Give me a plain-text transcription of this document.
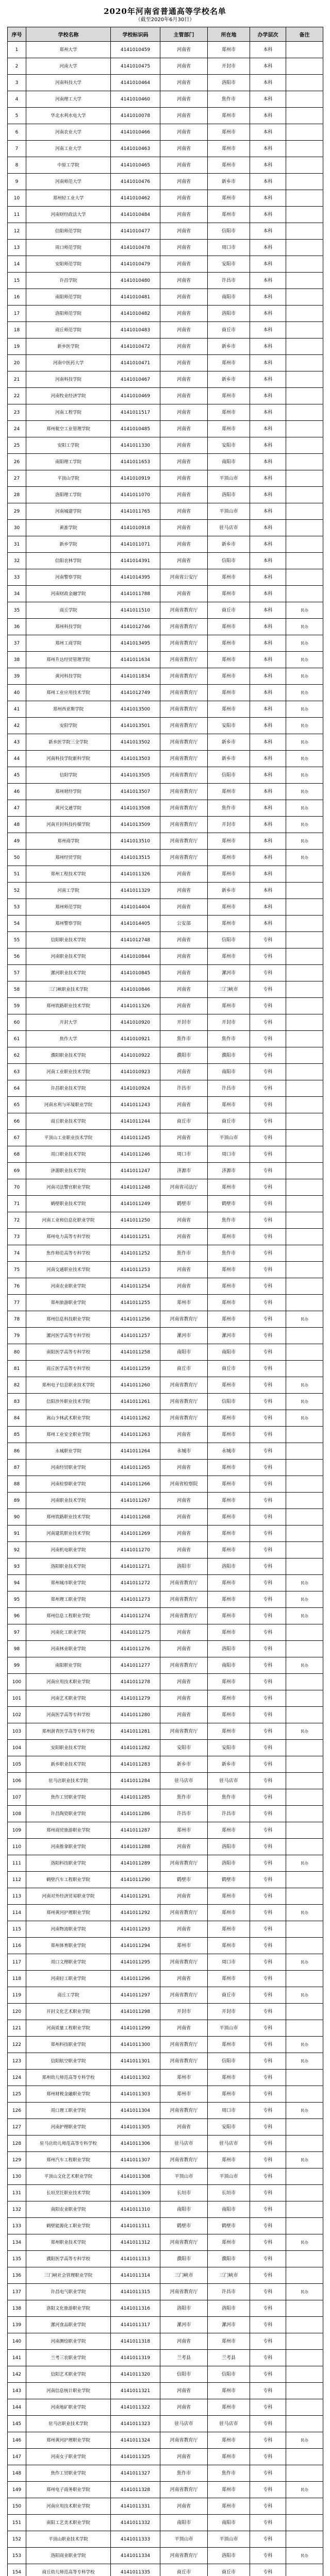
2020年河南省普通高等学校名单
（截至2020年6月30日）
序号	学校名称	学校标识码	主管部门	所在地	办学层次	备注
1	郑州大学	4141010459	河南省	郑州市	本科	
2	河南大学	4141010475	河南省	开封市	本科	
3	河南科技大学	4141010464	河南省	洛阳市	本科	
4	河南理工大学	4141010460	河南省	焦作市	本科	
5	华北水利水电大学	4141010078	河南省	郑州市	本科	
6	河南农业大学	4141010466	河南省	郑州市	本科	
7	河南工业大学	4141010463	河南省	郑州市	本科	
8	中原工学院	4141010465	河南省	郑州市	本科	
9	河南师范大学	4141010476	河南省	新乡市	本科	
10	郑州轻工业大学	4141010462	河南省	郑州市	本科	
11	河南财经政法大学	4141010484	河南省	郑州市	本科	
12	信阳师范学院	4141010477	河南省	信阳市	本科	
13	周口师范学院	4141010478	河南省	周口市	本科	
14	安阳师范学院	4141010479	河南省	安阳市	本科	
15	许昌学院	4141010480	河南省	许昌市	本科	
16	南阳师范学院	4141010481	河南省	南阳市	本科	
17	洛阳师范学院	4141010482	河南省	洛阳市	本科	
18	商丘师范学院	4141010483	河南省	商丘市	本科	
19	新乡医学院	4141010472	河南省	新乡市	本科	
20	河南中医药大学	4141010471	河南省	郑州市	本科	
21	河南科技学院	4141010467	河南省	新乡市	本科	
22	河南牧业经济学院	4141010469	河南省	郑州市	本科	
23	河南工程学院	4141011517	河南省	郑州市	本科	
24	郑州航空工业管理学院	4141010485	河南省	郑州市	本科	
25	安阳工学院	4141011330	河南省	安阳市	本科	
26	南阳理工学院	4141011653	河南省	南阳市	本科	
27	平顶山学院	4141010919	河南省	平顶山市	本科	
28	洛阳理工学院	4141011070	河南省	洛阳市	本科	
29	河南城建学院	4141011765	河南省	平顶山市	本科	
30	黄淮学院	4141010918	河南省	驻马店市	本科	
31	新乡学院	4141011071	河南省	新乡市	本科	
32	信阳农林学院	4141014391	河南省	信阳市	本科	
33	河南警察学院	4141014395	河南省公安厅	郑州市	本科	
34	河南财政金融学院	4141011788	河南省	郑州市	本科	
35	商丘学院	4141011510	河南省教育厅	商丘市	本科	民办
36	郑州科技学院	4141012746	河南省教育厅	郑州市	本科	民办
37	郑州工商学院	4141013495	河南省教育厅	郑州市	本科	民办
38	郑州升达经贸管理学院	4141011634	河南省教育厅	郑州市	本科	民办
39	黄河科技学院	4141011834	河南省教育厅	郑州市	本科	民办
40	郑州工业应用技术学院	4141012749	河南省教育厅	郑州市	本科	民办
41	郑州西亚斯学院	4141013500	河南省教育厅	郑州市	本科	民办
42	安阳学院	4141013501	河南省教育厅	安阳市	本科	民办
43	新乡医学院三全学院	4141013502	河南省教育厅	新乡市	本科	民办
44	河南科技学院新科学院	4141013503	河南省教育厅	新乡市	本科	民办
45	信阳学院	4141013505	河南省教育厅	信阳市	本科	民办
46	郑州财经学院	4141013507	河南省教育厅	郑州市	本科	民办
47	黄河交通学院	4141013508	河南省教育厅	焦作市	本科	民办
48	河南开封科技传媒学院	4141013509	河南省教育厅	开封市	本科	民办
49	郑州商学院	4141013510	河南省教育厅	郑州市	本科	民办
50	郑州经贸学院	4141013515	河南省教育厅	郑州市	本科	民办
51	郑州工程技术学院	4141011326	河南省	郑州市	本科	
52	河南工学院	4141011329	河南省	新乡市	本科	
53	郑州师范学院	4141014404	河南省	郑州市	本科	
54	郑州警察学院	4141014405	公安部	郑州市	本科	
55	信阳职业技术学院	4141012748	河南省	信阳市	专科	
56	河南职业技术学院	4141010844	河南省	郑州市	专科	
57	漯河职业技术学院	4141010845	河南省	漯河市	专科	
58	三门峡职业技术学院	4141010846	河南省	三门峡市	专科	
59	郑州铁路职业技术学院	4141011326	河南省	郑州市	专科	
60	开封大学	4141010920	开封市	开封市	专科	
61	焦作大学	4141010921	焦作市	焦作市	专科	
62	濮阳职业技术学院	4141010922	濮阳市	濮阳市	专科	
63	河南工业职业技术学院	4141010923	河南省	南阳市	专科	
64	许昌职业技术学院	4141010924	许昌市	许昌市	专科	
65	河南水利与环境职业学院	4141011243	河南省	郑州市	专科	
66	商丘职业技术学院	4141011244	商丘市	商丘市	专科	
67	平顶山工业职业技术学院	4141011245	河南省	平顶山市	专科	
68	周口职业技术学院	4141011246	周口市	周口市	专科	
69	济源职业技术学院	4141011247	济源市	济源市	专科	
70	河南司法警官职业学院	4141011248	河南省司法厅	郑州市	专科	
71	鹤壁职业技术学院	4141011249	鹤壁市	鹤壁市	专科	
72	河南工业和信息化职业学院	4141011250	河南省	焦作市	专科	
73	郑州电力高等专科学校	4141011251	河南省	郑州市	专科	
74	焦作师范高等专科学校	4141011252	焦作市	焦作市	专科	
75	河南交通职业技术学院	4141011253	河南省	郑州市	专科	
76	河南农业职业学院	4141011254	河南省	郑州市	专科	
77	郑州旅游职业学院	4141011255	郑州市	郑州市	专科	
78	郑州信息科技职业学院	4141011256	河南省教育厅	郑州市	专科	民办
79	漯河医学高等专科学校	4141011257	漯河市	漯河市	专科	
80	南阳医学高等专科学校	4141011258	南阳市	南阳市	专科	
81	商丘医学高等专科学校	4141011259	商丘市	商丘市	专科	
82	郑州电子信息职业技术学院	4141011260	河南省教育厅	郑州市	专科	民办
83	信阳涉外职业技术学院	4141011261	河南省教育厅	信阳市	专科	民办
84	嵩山少林武术职业学院	4141011262	河南省教育厅	郑州市	专科	民办
85	郑州工业安全职业学院	4141011263	河南省	郑州市	专科	
86	永城职业学院	4141011264	永城市	永城市	专科	
87	河南经贸职业学院	4141011265	河南省	郑州市	专科	
88	河南检察职业学院	4141011266	河南省检察院	郑州市	专科	
89	河南职业技术学院	4141011267	河南省	郑州市	专科	
90	郑州铁路职业技术学院	4141011268	河南省	郑州市	专科	
91	河南建筑职业技术学院	4141011269	河南省	郑州市	专科	
92	河南机电职业学院	4141011270	河南省	郑州市	专科	
93	洛阳职业技术学院	4141011271	洛阳市	洛阳市	专科	
94	郑州城市职业学院	4141011272	河南省教育厅	郑州市	专科	民办
95	郑州理工职业学院	4141011273	河南省教育厅	郑州市	专科	民办
96	郑州信息工程职业学院	4141011274	河南省教育厅	郑州市	专科	民办
97	河南化工职业学院	4141011275	河南省	郑州市	专科	
98	河南林业职业学院	4141011276	河南省	洛阳市	专科	
99	南阳职业学院	4141011277	河南省教育厅	南阳市	专科	民办
100	河南应用技术职业学院	4141011278	河南省	郑州市	专科	
101	河南艺术职业学院	4141011279	河南省	郑州市	专科	
102	河南医学高等专科学校	4141011280	河南省	郑州市	专科	
103	郑州澍青医学高等专科学校	4141011281	河南省教育厅	郑州市	专科	民办
104	安阳职业技术学院	4141011282	安阳市	安阳市	专科	
105	新乡职业技术学院	4141011283	新乡市	新乡市	专科	
106	驻马店职业技术学院	4141011284	驻马店市	驻马店市	专科	
107	焦作工贸职业学院	4141011285	焦作市	焦作市	专科	
108	许昌陶瓷职业学院	4141011286	许昌市	许昌市	专科	
109	郑州商贸旅游职业学院	4141011287	郑州市	郑州市	专科	
110	河南推拿职业学院	4141011288	河南省	洛阳市	专科	
111	洛阳科技职业学院	4141011289	河南省教育厅	洛阳市	专科	民办
112	鹤壁汽车工程职业学院	4141011290	鹤壁市	鹤壁市	专科	
113	河南对外经济贸易职业学院	4141011291	河南省	郑州市	专科	
114	郑州黄河护理职业学院	4141011292	河南省教育厅	郑州市	专科	民办
115	河南物流职业学院	4141011293	河南省	郑州市	专科	
116	郑州体育职业学院	4141011294	郑州市	郑州市	专科	
117	周口文理职业学院	4141011295	河南省教育厅	周口市	专科	民办
118	河南轻工职业学院	4141011296	河南省	郑州市	专科	
119	商丘工学院	4141011297	河南省教育厅	商丘市	专科	民办
120	开封文化艺术职业学院	4141011298	开封市	开封市	专科	
121	河南质量工程职业学院	4141011299	河南省	平顶山市	专科	
122	郑州科技职业学院	4141011300	河南省教育厅	郑州市	专科	民办
123	信阳航空职业学院	4141011301	河南省教育厅	信阳市	专科	民办
124	郑州幼儿师范高等专科学校	4141011302	郑州市	郑州市	专科	
125	郑州财税金融职业学院	4141011303	郑州市	郑州市	专科	
126	周口理工职业学院	4141011304	河南省教育厅	周口市	专科	民办
127	河南护理职业学院	4141011305	河南省	安阳市	专科	
128	驻马店幼儿师范高等专科学校	4141011306	驻马店市	驻马店市	专科	
129	郑州汽车工程职业学院	4141011307	河南省教育厅	郑州市	专科	民办
130	平顶山文化艺术职业学院	4141011308	平顶山市	平顶山市	专科	
131	长垣烹饪职业技术学院	4141011309	长垣市	长垣市	专科	
132	南阳农业职业学院	4141011310	南阳市	南阳市	专科	
133	鹤壁能源化工职业学院	4141011311	鹤壁市	鹤壁市	专科	
134	郑州职业技术学院	4141011312	河南省教育厅	郑州市	专科	民办
135	濮阳医学高等专科学校	4141011313	濮阳市	濮阳市	专科	
136	三门峡社会管理职业学院	4141011314	三门峡市	三门峡市	专科	
137	许昌电气职业学院	4141011315	河南省教育厅	许昌市	专科	民办
138	洛阳文化旅游职业学院	4141011316	洛阳市	洛阳市	专科	
139	漯河食品职业学院	4141011317	漯河市	漯河市	专科	
140	河南测绘职业学院	4141011318	河南省	郑州市	专科	
141	兰考三农职业学院	4141011319	兰考县	兰考县	专科	
142	信阳艺术职业学院	4141011320	信阳市	信阳市	专科	
143	河南信息统计职业学院	4141011321	河南省	郑州市	专科	
144	河南地矿职业学院	4141011322	河南省	郑州市	专科	
145	驻马店职业技术学院	4141011323	驻马店市	驻马店市	专科	
146	郑州黄河护理职业学院	4141011324	河南省教育厅	郑州市	专科	民办
147	河南女子职业学院	4141011325	河南省	郑州市	专科	
148	焦作工贸职业学院	4141011327	焦作市	焦作市	专科	
149	郑州电子商务职业学院	4141011328	河南省教育厅	郑州市	专科	民办
150	河南应用技术职业学院	4141011331	河南省	郑州市	专科	
151	南阳工艺美术职业学院	4141011332	南阳市	南阳市	专科	
152	平顶山职业技术学院	4141011333	平顶山市	平顶山市	专科	
153	洛阳商业职业学院	4141011334	河南省教育厅	洛阳市	专科	民办
154	商丘幼儿师范高等专科学校	4141011335	商丘市	商丘市	专科	
